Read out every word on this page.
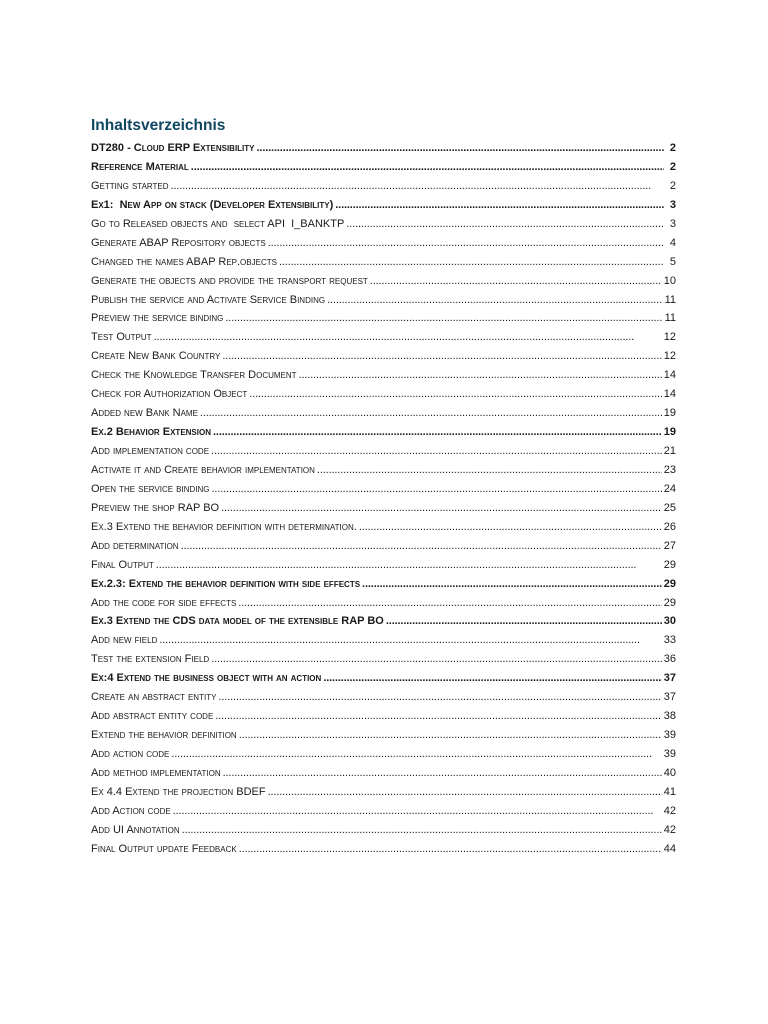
Inhaltsverzeichnis
DT280 - Cloud ERP Extensibility . . .	2
Reference Material . . .	2
Getting started . . .	2
Ex1:  New App on stack (Developer Extensibility) . . .	3
Go to Released objects and  select API  I_BANKTP . . .	3
Generate ABAP Repository objects . . .	4
Changed the names ABAP Rep.objects . . .	5
Generate the objects and provide the transport request . . .	10
Publish the service and Activate Service Binding . . .	11
Preview the service binding . . .	11
Test Output . . .	12
Create New Bank Country . . .	12
Check the Knowledge Transfer Document . . .	14
Check for Authorization Object . . .	14
Added new Bank Name . . .	19
Ex.2 Behavior Extension . . .	19
Add implementation code . . .	21
Activate it and Create behavior implementation . . .	23
Open the service binding . . .	24
Preview the shop RAP BO . . .	25
Ex.3 Extend the behavior definition with determination. . . .	26
Add determination . . .	27
Final Output . . .	29
Ex.2.3: Extend the behavior definition with side effects . . .	29
Add the code for side effects . . .	29
Ex.3 Extend the CDS data model of the extensible RAP BO . . .	30
Add new field . . .	33
Test the extension Field . . .	36
Ex:4 Extend the business object with an action . . .	37
Create an abstract entity . . .	37
Add abstract entity code . . .	38
Extend the behavior definition . . .	39
Add action code . . .	39
Add method implementation . . .	40
Ex 4.4 Extend the projection BDEF . . .	41
Add Action code . . .	42
Add UI Annotation . . .	42
Final Output update Feedback . . .	44
